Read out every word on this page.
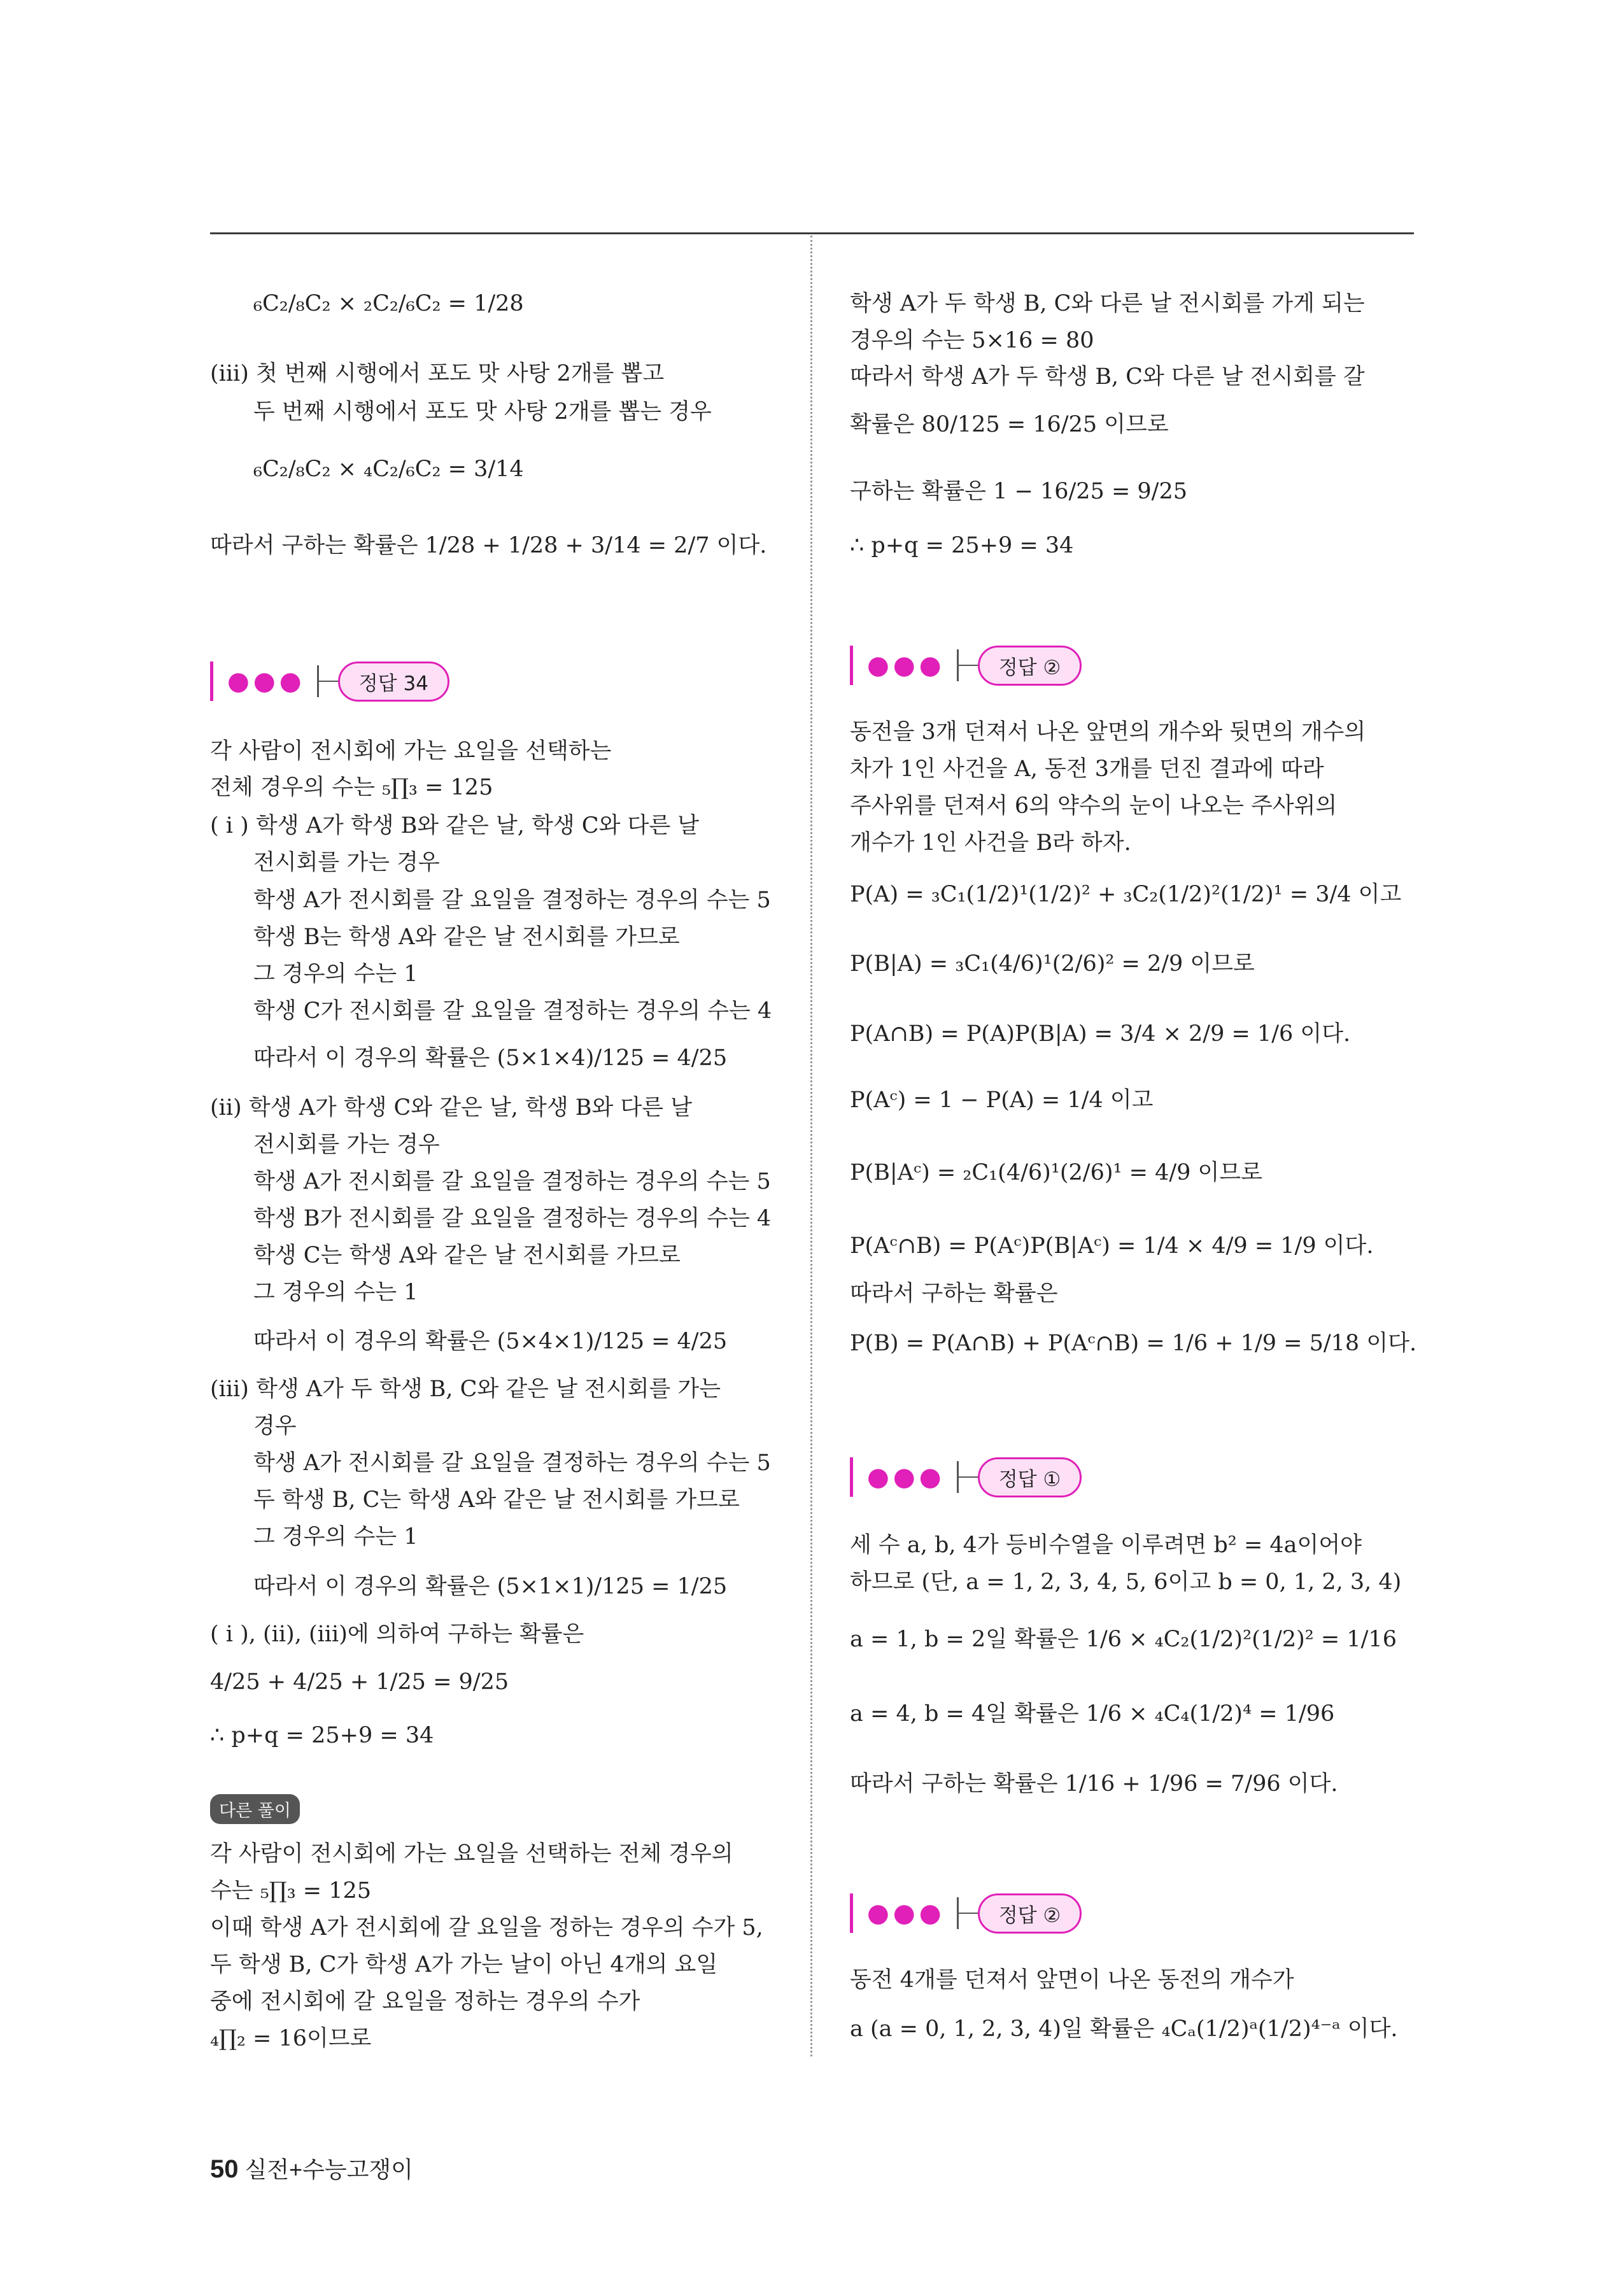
₆C₂/₈C₂ × ₂C₂/₆C₂ = 1/28
(iii) 첫 번째 시행에서 포도 맛 사탕 2개를 뽑고
두 번째 시행에서 포도 맛 사탕 2개를 뽑는 경우
₆C₂/₈C₂ × ₄C₂/₆C₂ = 3/14
따라서 구하는 확률은 1/28 + 1/28 + 3/14 = 2/7 이다.
●●●	정답 34
각 사람이 전시회에 가는 요일을 선택하는
전체 경우의 수는 ₅∏₃ = 125
( i ) 학생 A가 학생 B와 같은 날, 학생 C와 다른 날
전시회를 가는 경우
학생 A가 전시회를 갈 요일을 결정하는 경우의 수는 5
학생 B는 학생 A와 같은 날 전시회를 가므로
그 경우의 수는 1
학생 C가 전시회를 갈 요일을 결정하는 경우의 수는 4
따라서 이 경우의 확률은 (5×1×4)/125 = 4/25
(ii) 학생 A가 학생 C와 같은 날, 학생 B와 다른 날
전시회를 가는 경우
학생 A가 전시회를 갈 요일을 결정하는 경우의 수는 5
학생 B가 전시회를 갈 요일을 결정하는 경우의 수는 4
학생 C는 학생 A와 같은 날 전시회를 가므로
그 경우의 수는 1
따라서 이 경우의 확률은 (5×4×1)/125 = 4/25
(iii) 학생 A가 두 학생 B, C와 같은 날 전시회를 가는
경우
학생 A가 전시회를 갈 요일을 결정하는 경우의 수는 5
두 학생 B, C는 학생 A와 같은 날 전시회를 가므로
그 경우의 수는 1
따라서 이 경우의 확률은 (5×1×1)/125 = 1/25
( i ), (ii), (iii)에 의하여 구하는 확률은
4/25 + 4/25 + 1/25 = 9/25
∴ p+q = 25+9 = 34
다른 풀이
각 사람이 전시회에 가는 요일을 선택하는 전체 경우의
수는 ₅∏₃ = 125
이때 학생 A가 전시회에 갈 요일을 정하는 경우의 수가 5,
두 학생 B, C가 학생 A가 가는 날이 아닌 4개의 요일
중에 전시회에 갈 요일을 정하는 경우의 수가
₄∏₂ = 16이므로
학생 A가 두 학생 B, C와 다른 날 전시회를 가게 되는
경우의 수는 5×16 = 80
따라서 학생 A가 두 학생 B, C와 다른 날 전시회를 갈
확률은 80/125 = 16/25 이므로
구하는 확률은 1 − 16/25 = 9/25
∴ p+q = 25+9 = 34
●●●	정답 ②
동전을 3개 던져서 나온 앞면의 개수와 뒷면의 개수의
차가 1인 사건을 A, 동전 3개를 던진 결과에 따라
주사위를 던져서 6의 약수의 눈이 나오는 주사위의
개수가 1인 사건을 B라 하자.
P(A) = ₃C₁(1/2)¹(1/2)² + ₃C₂(1/2)²(1/2)¹ = 3/4 이고
P(B|A) = ₃C₁(4/6)¹(2/6)² = 2/9 이므로
P(A∩B) = P(A)P(B|A) = 3/4 × 2/9 = 1/6 이다.
P(Aᶜ) = 1 − P(A) = 1/4 이고
P(B|Aᶜ) = ₂C₁(4/6)¹(2/6)¹ = 4/9 이므로
P(Aᶜ∩B) = P(Aᶜ)P(B|Aᶜ) = 1/4 × 4/9 = 1/9 이다.
따라서 구하는 확률은
P(B) = P(A∩B) + P(Aᶜ∩B) = 1/6 + 1/9 = 5/18 이다.
●●●	정답 ①
세 수 a, b, 4가 등비수열을 이루려면 b² = 4a이어야
하므로 (단, a = 1, 2, 3, 4, 5, 6이고 b = 0, 1, 2, 3, 4)
a = 1, b = 2일 확률은 1/6 × ₄C₂(1/2)²(1/2)² = 1/16
a = 4, b = 4일 확률은 1/6 × ₄C₄(1/2)⁴ = 1/96
따라서 구하는 확률은 1/16 + 1/96 = 7/96 이다.
●●●	정답 ②
동전 4개를 던져서 앞면이 나온 동전의 개수가
a (a = 0, 1, 2, 3, 4)일 확률은 ₄Cₐ(1/2)ᵃ(1/2)⁴⁻ᵃ 이다.
50 실전+수능고쟁이
